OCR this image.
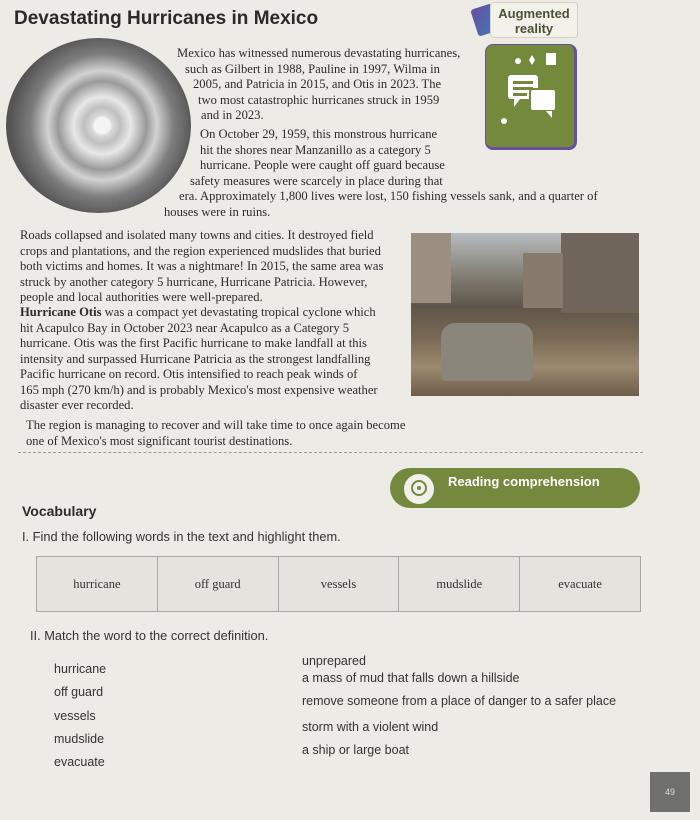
Devastating Hurricanes in Mexico	Augmented reality
Mexico has witnessed numerous devastating hurricanes,
such as Gilbert in 1988, Pauline in 1997, Wilma in
2005, and Patricia in 2015, and Otis in 2023. The
two most catastrophic hurricanes struck in 1959
and in 2023.
On October 29, 1959, this monstrous hurricane
hit the shores near Manzanillo as a category 5
hurricane. People were caught off guard because
safety measures were scarcely in place during that
era. Approximately 1,800 lives were lost, 150 fishing vessels sank, and a quarter of
houses were in ruins.
Roads collapsed and isolated many towns and cities. It destroyed field
crops and plantations, and the region experienced mudslides that buried
both victims and homes. It was a nightmare! In 2015, the same area was
struck by another category 5 hurricane, Hurricane Patricia. However,
people and local authorities were well-prepared.
Hurricane Otis was a compact yet devastating tropical cyclone which
hit Acapulco Bay in October 2023 near Acapulco as a Category 5
hurricane. Otis was the first Pacific hurricane to make landfall at this
intensity and surpassed Hurricane Patricia as the strongest landfalling
Pacific hurricane on record. Otis intensified to reach peak winds of
165 mph (270 km/h) and is probably Mexico's most expensive weather
disaster ever recorded.
The region is managing to recover and will take time to once again become
one of Mexico's most significant tourist destinations.
Reading comprehension
Vocabulary
I. Find the following words in the text and highlight them.
hurricane	off guard	vessels	mudslide	evacuate
II. Match the word to the correct definition.
hurricane
off guard
vessels
mudslide
evacuate
unprepared
a mass of mud that falls down a hillside
remove someone from a place of danger to a safer place
storm with a violent wind
a ship or large boat
49
